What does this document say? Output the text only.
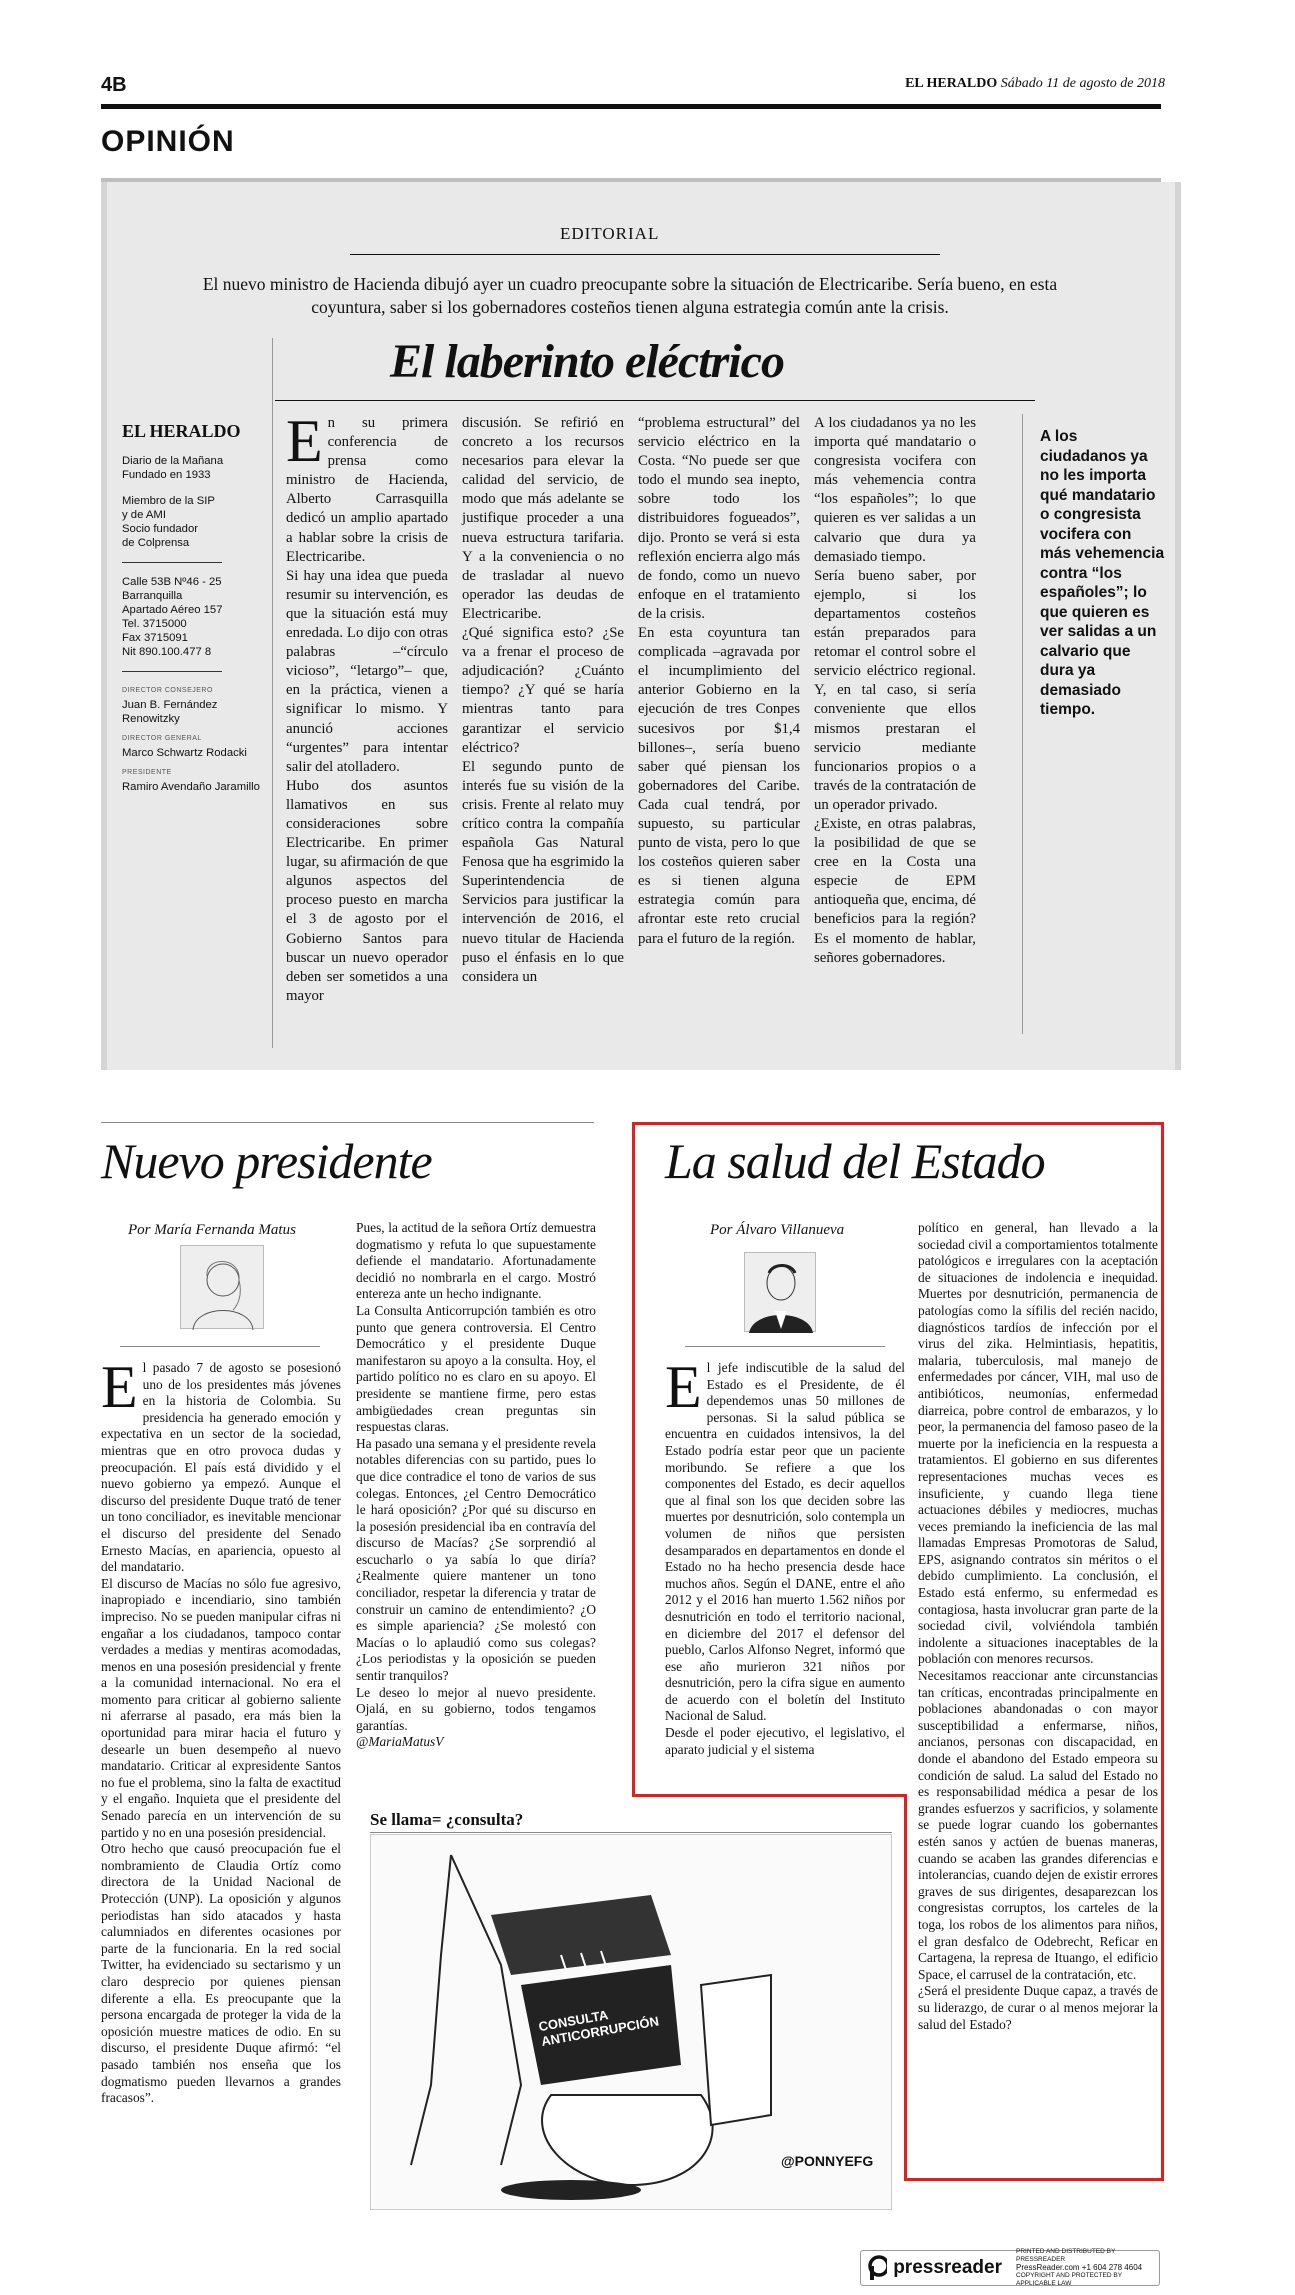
4B	EL HERALDO Sábado 11 de agosto de 2018
OPINIÓN
EDITORIAL
El nuevo ministro de Hacienda dibujó ayer un cuadro preocupante sobre la situación de Electricaribe. Sería bueno, en esta coyuntura, saber si los gobernadores costeños tienen alguna estrategia común ante la crisis.
El laberinto eléctrico
EL HERALDO
Diario de la Mañana
Fundado en 1933
Miembro de la SIP
y de AMI
Socio fundador
de Colprensa
Calle 53B Nº46 - 25
Barranquilla
Apartado Aéreo 157
Tel. 3715000
Fax 3715091
Nit 890.100.477 8
DIRECTOR CONSEJERO
Juan B. Fernández Renowitzky
DIRECTOR GENERAL
Marco Schwartz Rodacki
PRESIDENTE
Ramiro Avendaño Jaramillo
En su primera conferencia de prensa como ministro de Hacienda, Alberto Carrasquilla dedicó un amplio apartado a hablar sobre la crisis de Electricaribe.
Si hay una idea que pueda resumir su intervención, es que la situación está muy enredada. Lo dijo con otras palabras –“círculo vicioso”, “letargo”– que, en la práctica, vienen a significar lo mismo. Y anunció acciones “urgentes” para intentar salir del atolladero.
Hubo dos asuntos llamativos en sus consideraciones sobre Electricaribe. En primer lugar, su afirmación de que algunos aspectos del proceso puesto en marcha el 3 de agosto por el Gobierno Santos para buscar un nuevo operador deben ser sometidos a una mayor
discusión. Se refirió en concreto a los recursos necesarios para elevar la calidad del servicio, de modo que más adelante se justifique proceder a una nueva estructura tarifaria. Y a la conveniencia o no de trasladar al nuevo operador las deudas de Electricaribe.
¿Qué significa esto? ¿Se va a frenar el proceso de adjudicación? ¿Cuánto tiempo? ¿Y qué se haría mientras tanto para garantizar el servicio eléctrico?
El segundo punto de interés fue su visión de la crisis. Frente al relato muy crítico contra la compañía española Gas Natural Fenosa que ha esgrimido la Superintendencia de Servicios para justificar la intervención de 2016, el nuevo titular de Hacienda puso el énfasis en lo que considera un
“problema estructural” del servicio eléctrico en la Costa. “No puede ser que todo el mundo sea inepto, sobre todo los distribuidores fogueados”, dijo. Pronto se verá si esta reflexión encierra algo más de fondo, como un nuevo enfoque en el tratamiento de la crisis.
En esta coyuntura tan complicada –agravada por el incumplimiento del anterior Gobierno en la ejecución de tres Conpes sucesivos por $1,4 billones–, sería bueno saber qué piensan los gobernadores del Caribe. Cada cual tendrá, por supuesto, su particular punto de vista, pero lo que los costeños quieren saber es si tienen alguna estrategia común para afrontar este reto crucial para el futuro de la región.
A los ciudadanos ya no les importa qué mandatario o congresista vocifera con más vehemencia contra “los españoles”; lo que quieren es ver salidas a un calvario que dura ya demasiado tiempo.
Sería bueno saber, por ejemplo, si los departamentos costeños están preparados para retomar el control sobre el servicio eléctrico regional. Y, en tal caso, si sería conveniente que ellos mismos prestaran el servicio mediante funcionarios propios o a través de la contratación de un operador privado.
¿Existe, en otras palabras, la posibilidad de que se cree en la Costa una especie de EPM antioqueña que, encima, dé beneficios para la región? Es el momento de hablar, señores gobernadores.
A los ciudadanos ya no les importa qué mandatario o congresista vocifera con más vehemencia contra “los españoles”; lo que quieren es ver salidas a un calvario que dura ya demasiado tiempo.
Nuevo presidente
Por María Fernanda Matus
El pasado 7 de agosto se posesionó uno de los presidentes más jóvenes en la historia de Colombia. Su presidencia ha generado emoción y expectativa en un sector de la sociedad, mientras que en otro provoca dudas y preocupación. El país está dividido y el nuevo gobierno ya empezó. Aunque el discurso del presidente Duque trató de tener un tono conciliador, es inevitable mencionar el discurso del presidente del Senado Ernesto Macías, en apariencia, opuesto al del mandatario.
El discurso de Macías no sólo fue agresivo, inapropiado e incendiario, sino también impreciso. No se pueden manipular cifras ni engañar a los ciudadanos, tampoco contar verdades a medias y mentiras acomodadas, menos en una posesión presidencial y frente a la comunidad internacional. No era el momento para criticar al gobierno saliente ni aferrarse al pasado, era más bien la oportunidad para mirar hacia el futuro y desearle un buen desempeño al nuevo mandatario. Criticar al expresidente Santos no fue el problema, sino la falta de exactitud y el engaño. Inquieta que el presidente del Senado parecía en un intervención de su partido y no en una posesión presidencial.
Otro hecho que causó preocupación fue el nombramiento de Claudia Ortíz como directora de la Unidad Nacional de Protección (UNP). La oposición y algunos periodistas han sido atacados y hasta calumniados en diferentes ocasiones por parte de la funcionaria. En la red social Twitter, ha evidenciado su sectarismo y un claro desprecio por quienes piensan diferente a ella. Es preocupante que la persona encargada de proteger la vida de la oposición muestre matices de odio. En su discurso, el presidente Duque afirmó: “el pasado también nos enseña que los dogmatismo pueden llevarnos a grandes fracasos”.
Pues, la actitud de la señora Ortíz demuestra dogmatismo y refuta lo que supuestamente defiende el mandatario. Afortunadamente decidió no nombrarla en el cargo. Mostró entereza ante un hecho indignante.
La Consulta Anticorrupción también es otro punto que genera controversia. El Centro Democrático y el presidente Duque manifestaron su apoyo a la consulta. Hoy, el partido político no es claro en su apoyo. El presidente se mantiene firme, pero estas ambigüedades crean preguntas sin respuestas claras.
Ha pasado una semana y el presidente revela notables diferencias con su partido, pues lo que dice contradice el tono de varios de sus colegas. Entonces, ¿el Centro Democrático le hará oposición? ¿Por qué su discurso en la posesión presidencial iba en contravía del discurso de Macías? ¿Se sorprendió al escucharlo o ya sabía lo que diría? ¿Realmente quiere mantener un tono conciliador, respetar la diferencia y tratar de construir un camino de entendimiento? ¿O es simple apariencia? ¿Se molestó con Macías o lo aplaudió como sus colegas? ¿Los periodistas y la oposición se pueden sentir tranquilos?
Le deseo lo mejor al nuevo presidente. Ojalá, en su gobierno, todos tengamos garantías.
@MariaMatusV
Se llama= ¿consulta?
CONSULTA ANTICORRUPCIÓN
@PONNYEFG
La salud del Estado
Por Álvaro Villanueva
El jefe indiscutible de la salud del Estado es el Presidente, de él dependemos unas 50 millones de personas. Si la salud pública se encuentra en cuidados intensivos, la del Estado podría estar peor que un paciente moribundo. Se refiere a que los componentes del Estado, es decir aquellos que al final son los que deciden sobre las muertes por desnutrición, solo contempla un volumen de niños que persisten desamparados en departamentos en donde el Estado no ha hecho presencia desde hace muchos años. Según el DANE, entre el año 2012 y el 2016 han muerto 1.562 niños por desnutrición en todo el territorio nacional, en diciembre del 2017 el defensor del pueblo, Carlos Alfonso Negret, informó que ese año murieron 321 niños por desnutrición, pero la cifra sigue en aumento de acuerdo con el boletín del Instituto Nacional de Salud.
Desde el poder ejecutivo, el legislativo, el aparato judicial y el sistema
político en general, han llevado a la sociedad civil a comportamientos totalmente patológicos e irregulares con la aceptación de situaciones de indolencia e inequidad. Muertes por desnutrición, permanencia de patologías como la sífilis del recién nacido, diagnósticos tardíos de infección por el virus del zika. Helmintiasis, hepatitis, malaria, tuberculosis, mal manejo de enfermedades por cáncer, VIH, mal uso de antibióticos, neumonías, enfermedad diarreica, pobre control de embarazos, y lo peor, la permanencia del famoso paseo de la muerte por la ineficiencia en la respuesta a tratamientos. El gobierno en sus diferentes representaciones muchas veces es insuficiente, y cuando llega tiene actuaciones débiles y mediocres, muchas veces premiando la ineficiencia de las mal llamadas Empresas Promotoras de Salud, EPS, asignando contratos sin méritos o el debido cumplimiento. La conclusión, el Estado está enfermo, su enfermedad es contagiosa, hasta involucrar gran parte de la sociedad civil, volviéndola también indolente a situaciones inaceptables de la población con menores recursos.
Necesitamos reaccionar ante circunstancias tan críticas, encontradas principalmente en poblaciones abandonadas o con mayor susceptibilidad a enfermarse, niños, ancianos, personas con discapacidad, en donde el abandono del Estado empeora su condición de salud. La salud del Estado no es responsabilidad médica a pesar de los grandes esfuerzos y sacrificios, y solamente se puede lograr cuando los gobernantes estén sanos y actúen de buenas maneras, cuando se acaben las grandes diferencias e intolerancias, cuando dejen de existir errores graves de sus dirigentes, desaparezcan los congresistas corruptos, los carteles de la toga, los robos de los alimentos para niños, el gran desfalco de Odebrecht, Reficar en Cartagena, la represa de Ituango, el edificio Space, el carrusel de la contratación, etc.
¿Será el presidente Duque capaz, a través de su liderazgo, de curar o al menos mejorar la salud del Estado?
pressreader
PRINTED AND DISTRIBUTED BY PRESSREADER
PressReader.com +1 604 278 4604
COPYRIGHT AND PROTECTED BY APPLICABLE LAW
